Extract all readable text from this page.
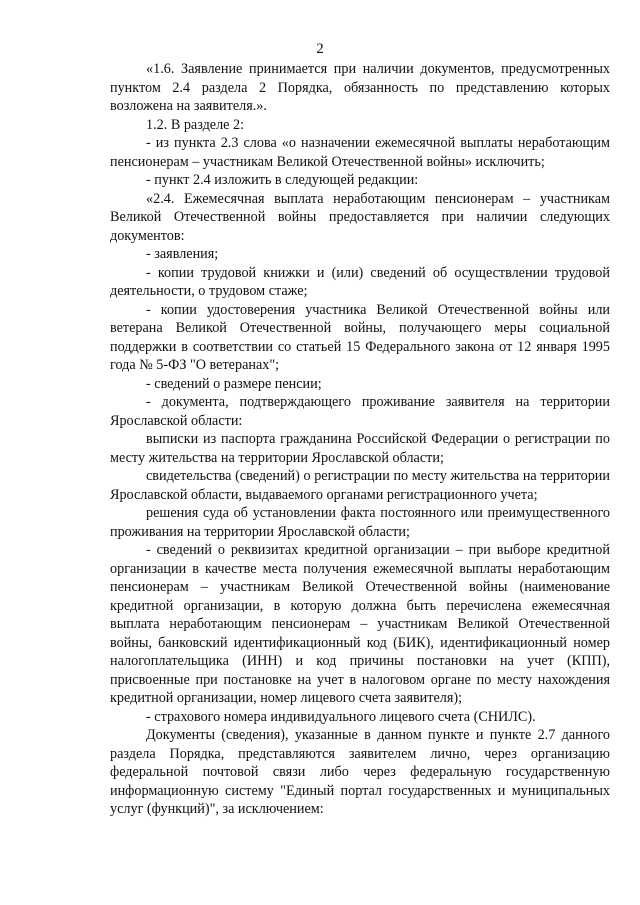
2

«1.6. Заявление принимается при наличии документов, предусмотренных пунктом 2.4 раздела 2 Порядка, обязанность по представлению которых возложена на заявителя.».

1.2. В разделе 2:

- из пункта 2.3 слова «о назначении ежемесячной выплаты неработающим пенсионерам – участникам Великой Отечественной войны» исключить;

- пункт 2.4 изложить в следующей редакции:

«2.4. Ежемесячная выплата неработающим пенсионерам – участникам Великой Отечественной войны предоставляется при наличии следующих документов:

- заявления;

- копии трудовой книжки и (или) сведений об осуществлении трудовой деятельности, о трудовом стаже;

- копии удостоверения участника Великой Отечественной войны или ветерана Великой Отечественной войны, получающего меры социальной поддержки в соответствии со статьей 15 Федерального закона от 12 января 1995 года № 5-ФЗ "О ветеранах";

- сведений о размере пенсии;

- документа, подтверждающего проживание заявителя на территории Ярославской области:

выписки из паспорта гражданина Российской Федерации о регистрации по месту жительства на территории Ярославской области;

свидетельства (сведений) о регистрации по месту жительства на территории Ярославской области, выдаваемого органами регистрационного учета;

решения суда об установлении факта постоянного или преимущественного проживания на территории Ярославской области;

- сведений о реквизитах кредитной организации – при выборе кредитной организации в качестве места получения ежемесячной выплаты неработающим пенсионерам – участникам Великой Отечественной войны (наименование кредитной организации, в которую должна быть перечислена ежемесячная выплата неработающим пенсионерам – участникам Великой Отечественной войны, банковский идентификационный код (БИК), идентификационный номер налогоплательщика (ИНН) и код причины постановки на учет (КПП), присвоенные при постановке на учет в налоговом органе по месту нахождения кредитной организации, номер лицевого счета заявителя);

- страхового номера индивидуального лицевого счета (СНИЛС).

Документы (сведения), указанные в данном пункте и пункте 2.7 данного раздела Порядка, представляются заявителем лично, через организацию федеральной почтовой связи либо через федеральную государственную информационную систему "Единый портал государственных и муниципальных услуг (функций)", за исключением:
